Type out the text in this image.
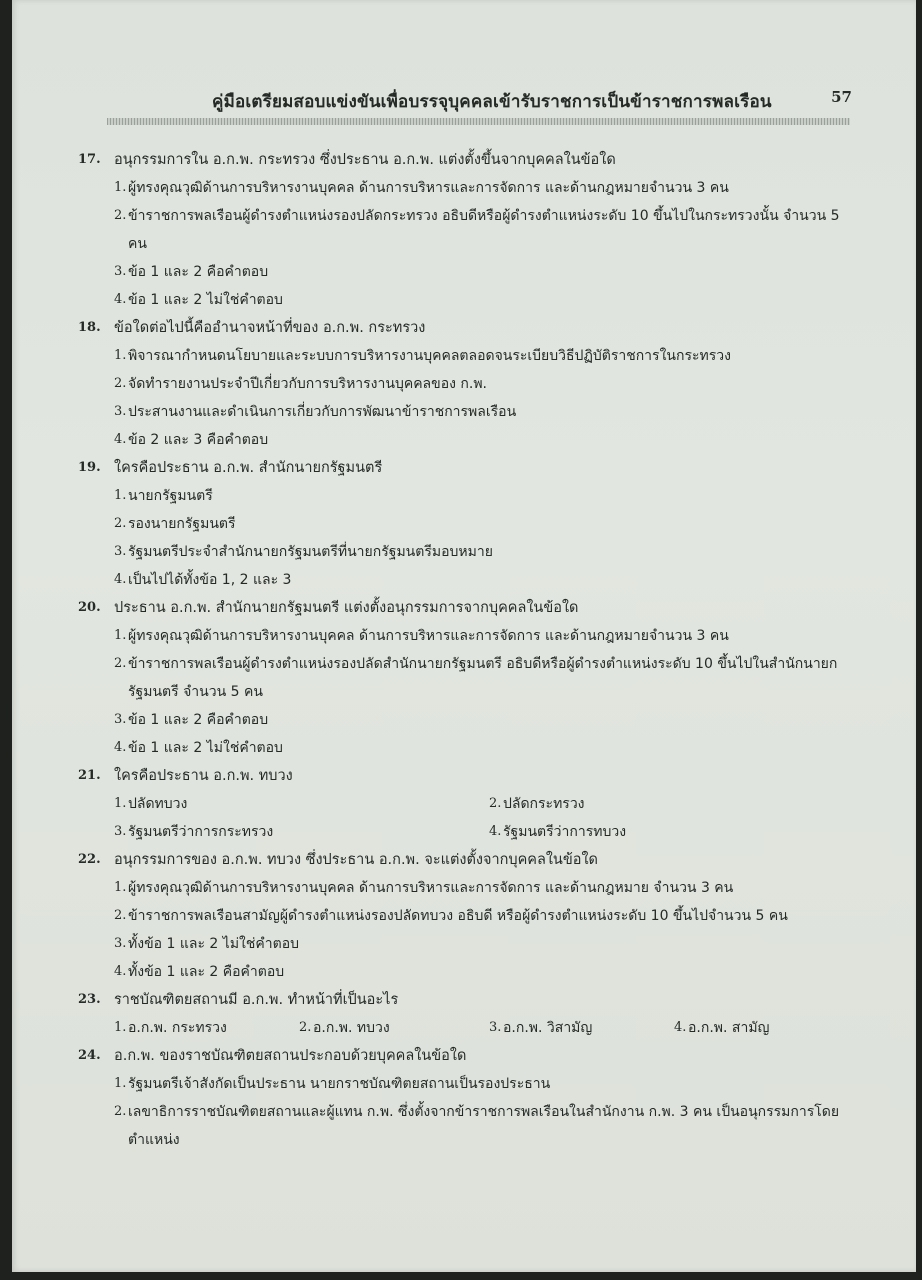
คู่มือเตรียมสอบแข่งขันเพื่อบรรจุบุคคลเข้ารับราชการเป็นข้าราชการพลเรือน	57
17. อนุกรรมการใน อ.ก.พ. กระทรวง ซึ่งประธาน อ.ก.พ. แต่งตั้งขึ้นจากบุคคลในข้อใด
1. ผู้ทรงคุณวุฒิด้านการบริหารงานบุคคล ด้านการบริหารและการจัดการ และด้านกฎหมายจำนวน 3 คน
2. ข้าราชการพลเรือนผู้ดำรงตำแหน่งรองปลัดกระทรวง อธิบดีหรือผู้ดำรงตำแหน่งระดับ 10 ขึ้นไปในกระทรวงนั้น จำนวน 5 คน
3. ข้อ 1 และ 2 คือคำตอบ
4. ข้อ 1 และ 2 ไม่ใช่คำตอบ
18. ข้อใดต่อไปนี้คืออำนาจหน้าที่ของ อ.ก.พ. กระทรวง
1. พิจารณากำหนดนโยบายและระบบการบริหารงานบุคคลตลอดจนระเบียบวิธีปฏิบัติราชการในกระทรวง
2. จัดทำรายงานประจำปีเกี่ยวกับการบริหารงานบุคคลของ ก.พ.
3. ประสานงานและดำเนินการเกี่ยวกับการพัฒนาข้าราชการพลเรือน
4. ข้อ 2 และ 3 คือคำตอบ
19. ใครคือประธาน อ.ก.พ. สำนักนายกรัฐมนตรี
1. นายกรัฐมนตรี
2. รองนายกรัฐมนตรี
3. รัฐมนตรีประจำสำนักนายกรัฐมนตรีที่นายกรัฐมนตรีมอบหมาย
4. เป็นไปได้ทั้งข้อ 1, 2 และ 3
20. ประธาน อ.ก.พ. สำนักนายกรัฐมนตรี แต่งตั้งอนุกรรมการจากบุคคลในข้อใด
1. ผู้ทรงคุณวุฒิด้านการบริหารงานบุคคล ด้านการบริหารและการจัดการ และด้านกฎหมายจำนวน 3 คน
2. ข้าราชการพลเรือนผู้ดำรงตำแหน่งรองปลัดสำนักนายกรัฐมนตรี อธิบดีหรือผู้ดำรงตำแหน่งระดับ 10 ขึ้นไปในสำนักนายกรัฐมนตรี จำนวน 5 คน
3. ข้อ 1 และ 2 คือคำตอบ
4. ข้อ 1 และ 2 ไม่ใช่คำตอบ
21. ใครคือประธาน อ.ก.พ. ทบวง
1. ปลัดทบวง	2. ปลัดกระทรวง
3. รัฐมนตรีว่าการกระทรวง	4. รัฐมนตรีว่าการทบวง
22. อนุกรรมการของ อ.ก.พ. ทบวง ซึ่งประธาน อ.ก.พ. จะแต่งตั้งจากบุคคลในข้อใด
1. ผู้ทรงคุณวุฒิด้านการบริหารงานบุคคล ด้านการบริหารและการจัดการ และด้านกฎหมาย จำนวน 3 คน
2. ข้าราชการพลเรือนสามัญผู้ดำรงตำแหน่งรองปลัดทบวง อธิบดี หรือผู้ดำรงตำแหน่งระดับ 10 ขึ้นไปจำนวน 5 คน
3. ทั้งข้อ 1 และ 2 ไม่ใช่คำตอบ
4. ทั้งข้อ 1 และ 2 คือคำตอบ
23. ราชบัณฑิตยสถานมี อ.ก.พ. ทำหน้าที่เป็นอะไร
1. อ.ก.พ. กระทรวง	2. อ.ก.พ. ทบวง	3. อ.ก.พ. วิสามัญ	4. อ.ก.พ. สามัญ
24. อ.ก.พ. ของราชบัณฑิตยสถานประกอบด้วยบุคคลในข้อใด
1. รัฐมนตรีเจ้าสังกัดเป็นประธาน นายกราชบัณฑิตยสถานเป็นรองประธาน
2. เลขาธิการราชบัณฑิตยสถานและผู้แทน ก.พ. ซึ่งตั้งจากข้าราชการพลเรือนในสำนักงาน ก.พ. 3 คน เป็นอนุกรรมการโดยตำแหน่ง
